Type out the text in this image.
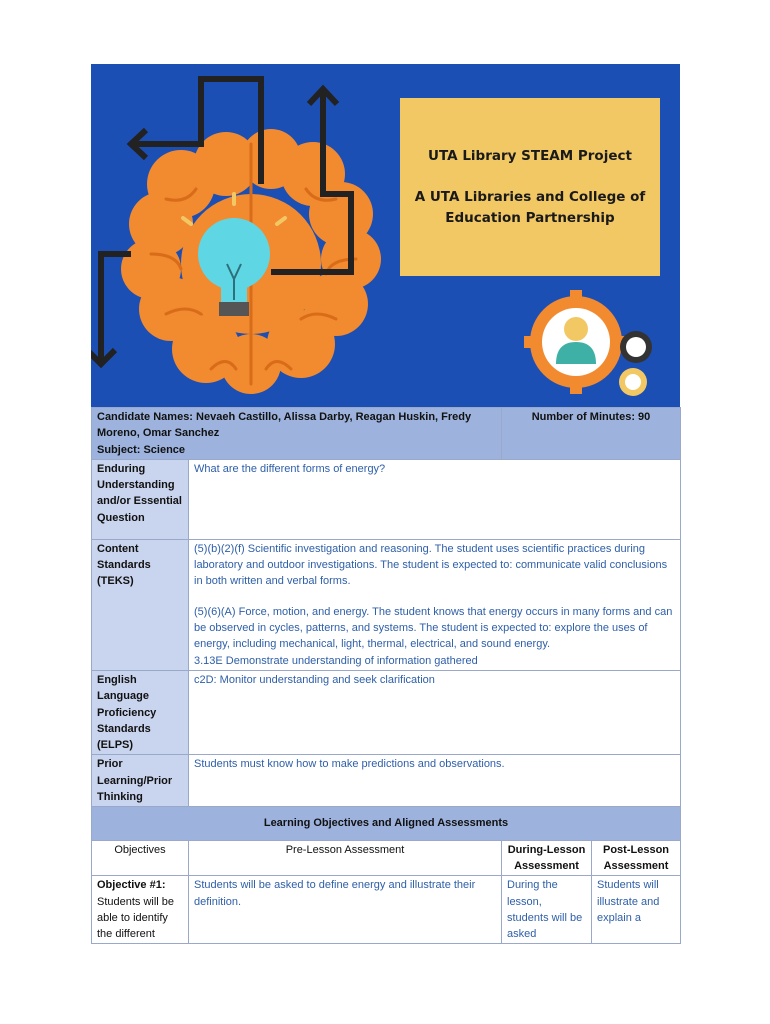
UTA Library STEAM Project
A UTA Libraries and College of Education Partnership
Candidate Names: Nevaeh Castillo, Alissa Darby, Reagan Huskin, Fredy Moreno, Omar Sanchez
Subject: Science		Number of Minutes: 90	
Enduring Understanding and/or Essential Question	What are the different forms of energy?		
Content Standards (TEKS)	(5)(b)(2)(f) Scientific investigation and reasoning. The student uses scientific practices during laboratory and outdoor investigations. The student is expected to: communicate valid conclusions in both written and verbal forms.
(5)(6)(A) Force, motion, and energy. The student knows that energy occurs in many forms and can be observed in cycles, patterns, and systems. The student is expected to: explore the uses of energy, including mechanical, light, thermal, electrical, and sound energy.
3.13E Demonstrate understanding of information gathered		

English Language Proficiency Standards (ELPS)	c2D: Monitor understanding and seek clarification		
Prior Learning/Prior Thinking	Students must know how to make predictions and observations.		
Learning Objectives and Aligned Assessments			
Objectives	Pre-Lesson Assessment	During-Lesson Assessment	Post-Lesson Assessment

Objective #1:
Students will be able to identify the different	Students will be asked to define energy and illustrate their definition.	During the lesson, students will be asked	Students will illustrate and explain a
